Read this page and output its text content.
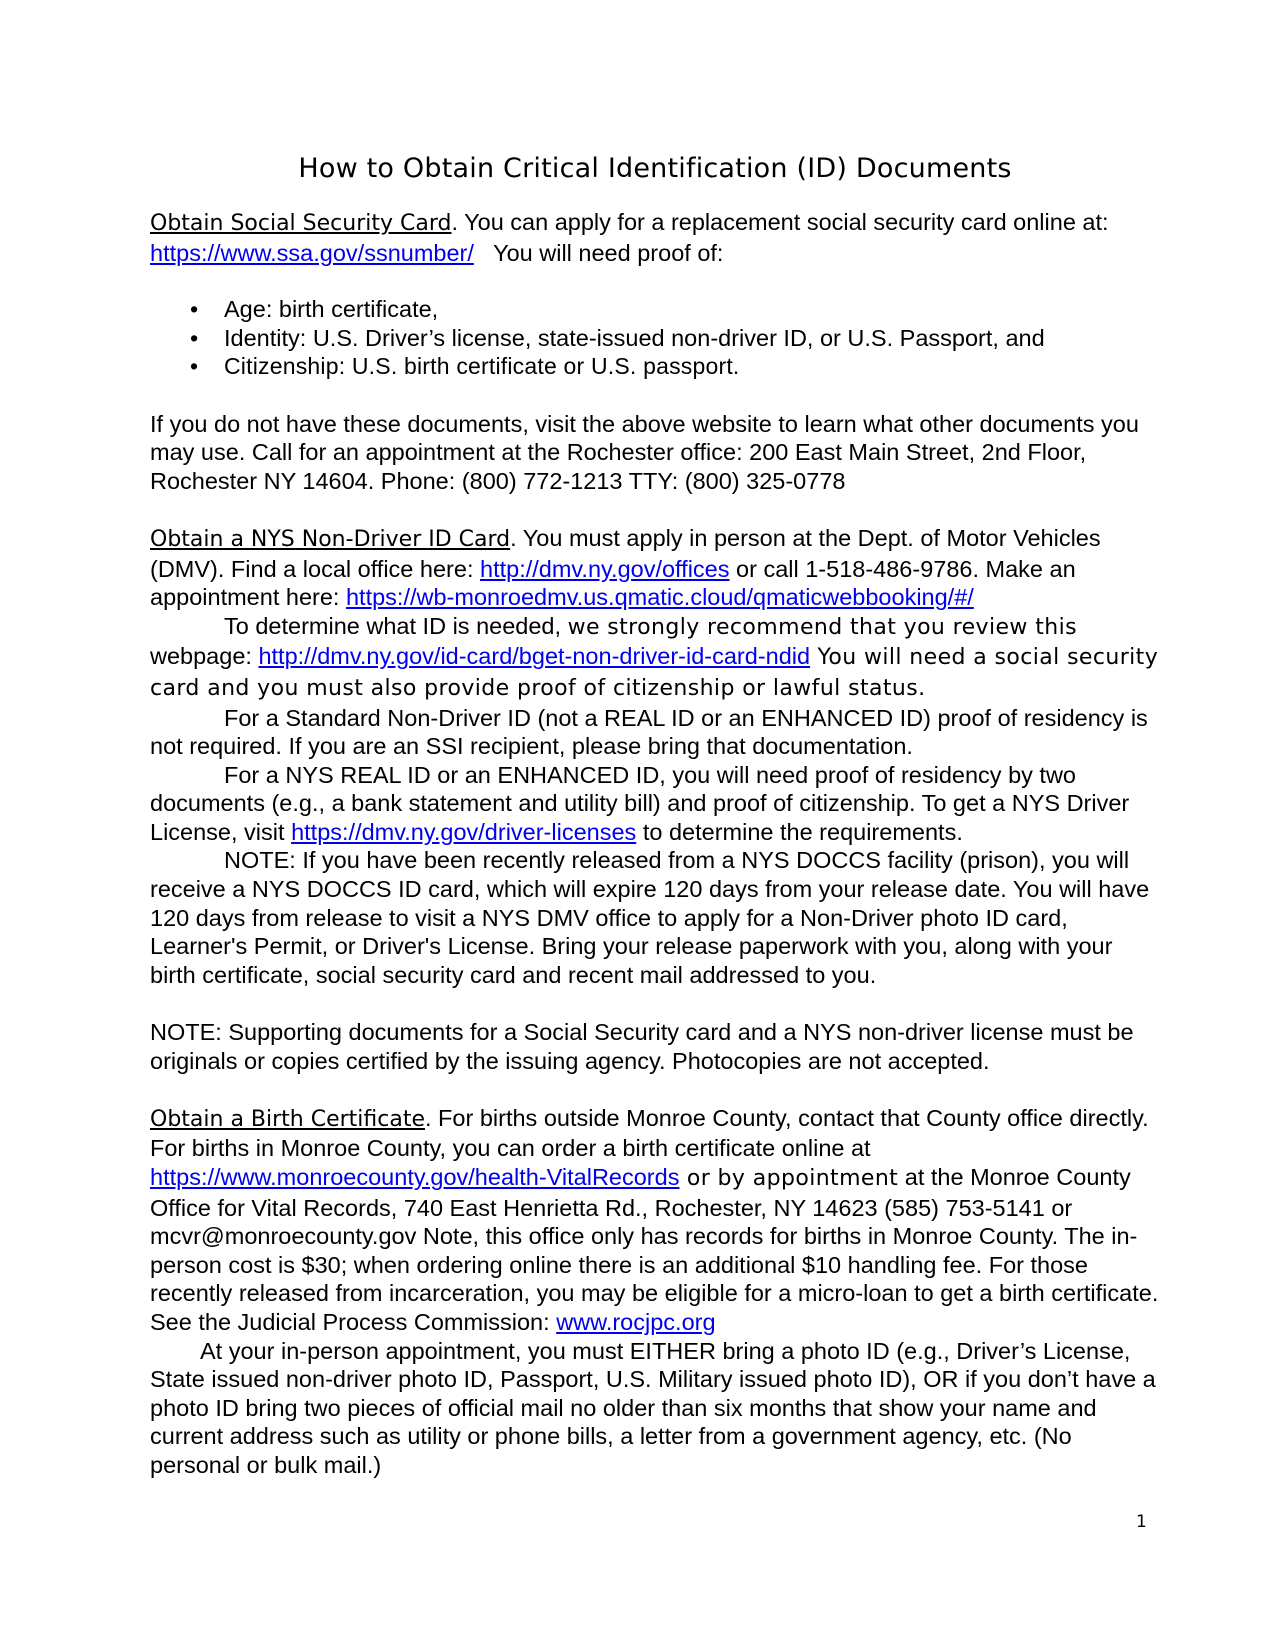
How to Obtain Critical Identification (ID) Documents

Obtain Social Security Card. You can apply for a replacement social security card online at: https://www.ssa.gov/ssnumber/   You will need proof of:

• Age: birth certificate,
• Identity: U.S. Driver’s license, state-issued non-driver ID, or U.S. Passport, and
• Citizenship: U.S. birth certificate or U.S. passport.

If you do not have these documents, visit the above website to learn what other documents you may use. Call for an appointment at the Rochester office: 200 East Main Street, 2nd Floor, Rochester NY 14604. Phone: (800) 772-1213 TTY: (800) 325-0778

Obtain a NYS Non-Driver ID Card. You must apply in person at the Dept. of Motor Vehicles (DMV). Find a local office here: http://dmv.ny.gov/offices or call 1-518-486-9786. Make an appointment here: https://wb-monroedmv.us.qmatic.cloud/qmaticwebbooking/#/

To determine what ID is needed, we strongly recommend that you review this webpage: http://dmv.ny.gov/id-card/bget-non-driver-id-card-ndid You will need a social security card and you must also provide proof of citizenship or lawful status.

For a Standard Non-Driver ID (not a REAL ID or an ENHANCED ID) proof of residency is not required. If you are an SSI recipient, please bring that documentation.

For a NYS REAL ID or an ENHANCED ID, you will need proof of residency by two documents (e.g., a bank statement and utility bill) and proof of citizenship. To get a NYS Driver License, visit https://dmv.ny.gov/driver-licenses to determine the requirements.

NOTE: If you have been recently released from a NYS DOCCS facility (prison), you will receive a NYS DOCCS ID card, which will expire 120 days from your release date. You will have 120 days from release to visit a NYS DMV office to apply for a Non-Driver photo ID card, Learner's Permit, or Driver's License. Bring your release paperwork with you, along with your birth certificate, social security card and recent mail addressed to you.

NOTE: Supporting documents for a Social Security card and a NYS non-driver license must be originals or copies certified by the issuing agency. Photocopies are not accepted.

Obtain a Birth Certificate. For births outside Monroe County, contact that County office directly. For births in Monroe County, you can order a birth certificate online at https://www.monroecounty.gov/health-VitalRecords or by appointment at the Monroe County Office for Vital Records, 740 East Henrietta Rd., Rochester, NY 14623 (585) 753-5141 or mcvr@monroecounty.gov Note, this office only has records for births in Monroe County. The in-person cost is $30; when ordering online there is an additional $10 handling fee. For those recently released from incarceration, you may be eligible for a micro-loan to get a birth certificate. See the Judicial Process Commission: www.rocjpc.org

At your in-person appointment, you must EITHER bring a photo ID (e.g., Driver’s License, State issued non-driver photo ID, Passport, U.S. Military issued photo ID), OR if you don’t have a photo ID bring two pieces of official mail no older than six months that show your name and current address such as utility or phone bills, a letter from a government agency, etc. (No personal or bulk mail.)

1
